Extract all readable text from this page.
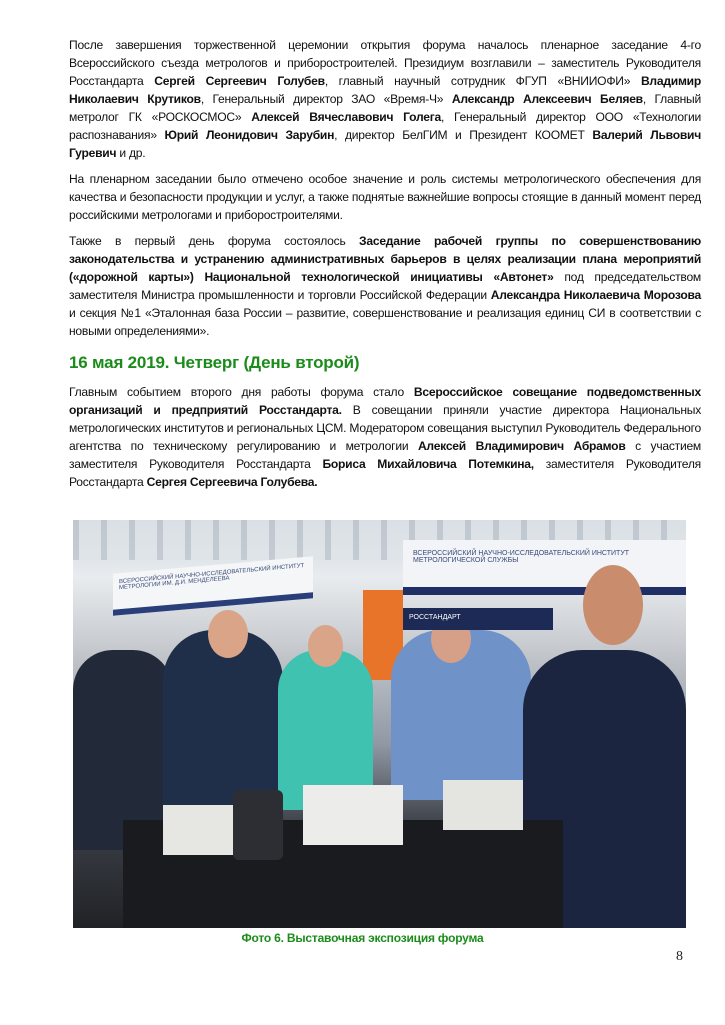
После завершения торжественной церемонии открытия форума началось пленарное заседание 4-го Всероссийского съезда метрологов и приборостроителей. Президиум возглавили – заместитель Руководителя Росстандарта Сергей Сергеевич Голубев, главный научный сотрудник ФГУП «ВНИИОФИ» Владимир Николаевич Крутиков, Генеральный директор ЗАО «Время-Ч» Александр Алексеевич Беляев, Главный метролог ГК «РОСКОСМОС» Алексей Вячеславович Голега, Генеральный директор ООО «Технологии распознавания» Юрий Леонидович Зарубин, директор БелГИМ и Президент КООМЕТ Валерий Львович Гуревич и др.

На пленарном заседании было отмечено особое значение и роль системы метрологического обеспечения для качества и безопасности продукции и услуг, а также поднятые важнейшие вопросы стоящие в данный момент перед российскими метрологами и приборостроителями.

Также в первый день форума состоялось Заседание рабочей группы по совершенствованию законодательства и устранению административных барьеров в целях реализации плана мероприятий («дорожной карты») Национальной технологической инициативы «Автонет» под председательством заместителя Министра промышленности и торговли Российской Федерации Александра Николаевича Морозова и секция №1 «Эталонная база России – развитие, совершенствование и реализация единиц СИ в соответствии с новыми определениями».

16 мая 2019. Четверг (День второй)

Главным событием второго дня работы форума стало Всероссийское совещание подведомственных организаций и предприятий Росстандарта. В совещании приняли участие директора Национальных метрологических институтов и региональных ЦСМ. Модератором совещания выступил Руководитель Федерального агентства по техническому регулированию и метрологии Алексей Владимирович Абрамов с участием заместителя Руководителя Росстандарта Бориса Михайловича Потемкина, заместителя Руководителя Росстандарта Сергея Сергеевича Голубева.

ВСЕРОССИЙСКИЙ НАУЧНО-ИССЛЕДОВАТЕЛЬСКИЙ ИНСТИТУТ МЕТРОЛОГИИ ИМ. Д.И. МЕНДЕЛЕЕВА
ВСЕРОССИЙСКИЙ НАУЧНО-ИССЛЕДОВАТЕЛЬСКИЙ ИНСТИТУТ МЕТРОЛОГИЧЕСКОЙ СЛУЖБЫ
РОССТАНДАРТ
Фото 6. Выставочная экспозиция форума
8
